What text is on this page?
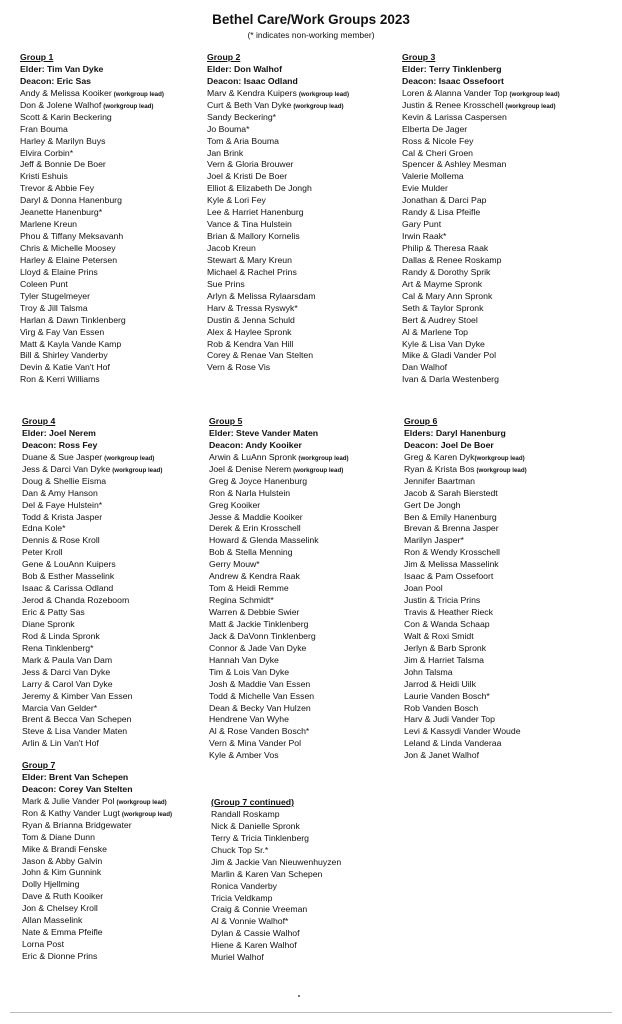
Bethel Care/Work Groups 2023
(* indicates non-working member)
Group 1
Elder: Tim Van Dyke
Deacon: Eric Sas
Andy & Melissa Kooiker (workgroup lead)
Don & Jolene Walhof (workgroup lead)
Scott & Karin Beckering
Fran Bouma
Harley & Marilyn Buys
Elvira Corbin*
Jeff & Bonnie De Boer
Kristi Eshuis
Trevor & Abbie Fey
Daryl & Donna Hanenburg
Jeanette Hanenburg*
Marlene Kreun
Phou & Tiffany Meksavanh
Chris & Michelle Moosey
Harley & Elaine Petersen
Lloyd & Elaine Prins
Coleen Punt
Tyler Stugelmeyer
Troy & Jill Talsma
Harlan & Dawn Tinklenberg
Virg & Fay Van Essen
Matt & Kayla Vande Kamp
Bill & Shirley Vanderby
Devin & Katie Van't Hof
Ron & Kerri Williams
Group 2
Elder: Don Walhof
Deacon: Isaac Odland
Marv & Kendra Kuipers (workgroup lead)
Curt & Beth Van Dyke (workgroup lead)
Sandy Beckering*
Jo Bouma*
Tom & Aria Bouma
Jan Brink
Vern & Gloria Brouwer
Joel & Kristi De Boer
Elliot & Elizabeth De Jongh
Kyle & Lori Fey
Lee & Harriet Hanenburg
Vance & Tina Hulstein
Brian & Mallory Kornelis
Jacob Kreun
Stewart & Mary Kreun
Michael & Rachel Prins
Sue Prins
Arlyn & Melissa Rylaarsdam
Harv & Tressa Ryswyk*
Dustin & Jenna Schuld
Alex & Haylee Spronk
Rob & Kendra Van Hill
Corey & Renae Van Stelten
Vern & Rose Vis
Group 3
Elder: Terry Tinklenberg
Deacon: Isaac Ossefoort
Loren & Alanna Vander Top (workgroup lead)
Justin & Renee Krosschell (workgroup lead)
Kevin & Larissa Caspersen
Elberta De Jager
Ross & Nicole Fey
Cal & Cheri Groen
Spencer & Ashley Mesman
Valerie Mollema
Evie Mulder
Jonathan & Darci Pap
Randy & Lisa Pfeifle
Gary Punt
Irwin Raak*
Philip & Theresa Raak
Dallas & Renee Roskamp
Randy & Dorothy Sprik
Art & Mayme Spronk
Cal & Mary Ann Spronk
Seth & Taylor Spronk
Bert & Audrey Stoel
Al & Marlene Top
Kyle & Lisa Van Dyke
Mike & Gladi Vander Pol
Dan Walhof
Ivan & Darla Westenberg
Group 4
Elder: Joel Nerem
Deacon: Ross Fey
Duane & Sue Jasper (workgroup lead)
Jess & Darci Van Dyke (workgroup lead)
Doug & Shellie Eisma
Dan & Amy Hanson
Del & Faye Hulstein*
Todd & Krista Jasper
Edna Kole*
Dennis & Rose Kroll
Peter Kroll
Gene & LouAnn Kuipers
Bob & Esther Masselink
Isaac & Carissa Odland
Jerod & Chanda Rozeboom
Eric & Patty Sas
Diane Spronk
Rod & Linda Spronk
Rena Tinklenberg*
Mark & Paula Van Dam
Jess & Darci Van Dyke
Larry & Carol Van Dyke
Jeremy & Kimber Van Essen
Marcia Van Gelder*
Brent & Becca Van Schepen
Steve & Lisa Vander Maten
Arlin & Lin Van't Hof
Group 5
Elder: Steve Vander Maten
Deacon: Andy Kooiker
Arwin & LuAnn Spronk (workgroup lead)
Joel & Denise Nerem (workgroup lead)
Greg & Joyce Hanenburg
Ron & Narla Hulstein
Greg Kooiker
Jesse & Maddie Kooiker
Derek & Erin Krosschell
Howard & Glenda Masselink
Bob & Stella Menning
Gerry Mouw*
Andrew & Kendra Raak
Tom & Heidi Remme
Regina Schmidt*
Warren & Debbie Swier
Matt & Jackie Tinklenberg
Jack & DaVonn Tinklenberg
Connor & Jade Van Dyke
Hannah Van Dyke
Tim & Lois Van Dyke
Josh & Maddie Van Essen
Todd & Michelle Van Essen
Dean & Becky Van Hulzen
Hendrene Van Wyhe
Al & Rose Vanden Bosch*
Vern & Mina Vander Pol
Kyle & Amber Vos
Group 6
Elders: Daryl Hanenburg
Deacon: Joel De Boer
Greg & Karen Dyk(workgroup lead)
Ryan & Krista Bos (workgroup lead)
Jennifer Baartman
Jacob & Sarah Bierstedt
Gert De Jongh
Ben & Emily Hanenburg
Brevan & Brenna Jasper
Marilyn Jasper*
Ron & Wendy Krosschell
Jim & Melissa Masselink
Isaac & Pam Ossefoort
Joan Pool
Justin & Tricia Prins
Travis & Heather Rieck
Con & Wanda Schaap
Walt & Roxi Smidt
Jerlyn & Barb Spronk
Jim & Harriet Talsma
John Talsma
Jarrod & Heidi Uilk
Laurie Vanden Bosch*
Rob Vanden Bosch
Harv & Judi Vander Top
Levi & Kassydi Vander Woude
Leland & Linda Vanderaa
Jon & Janet Walhof
Group 7
Elder: Brent Van Schepen
Deacon: Corey Van Stelten
Mark & Julie Vander Pol (workgroup lead)
Ron & Kathy Vander Lugt (workgroup lead)
Ryan & Brianna Bridgewater
Tom & Diane Dunn
Mike & Brandi Fenske
Jason & Abby Galvin
John & Kim Gunnink
Dolly Hjellming
Dave & Ruth Kooiker
Jon & Chelsey Kroll
Allan Masselink
Nate & Emma Pfeifle
Lorna Post
Eric & Dionne Prins
(Group 7 continued)
Randall Roskamp
Nick & Danielle Spronk
Terry & Tricia Tinklenberg
Chuck Top Sr.*
Jim & Jackie Van Nieuwenhuyzen
Marlin & Karen Van Schepen
Ronica Vanderby
Tricia Veldkamp
Craig & Connie Vreeman
Al & Vonnie Walhof*
Dylan & Cassie Walhof
Hiene & Karen Walhof
Muriel Walhof
